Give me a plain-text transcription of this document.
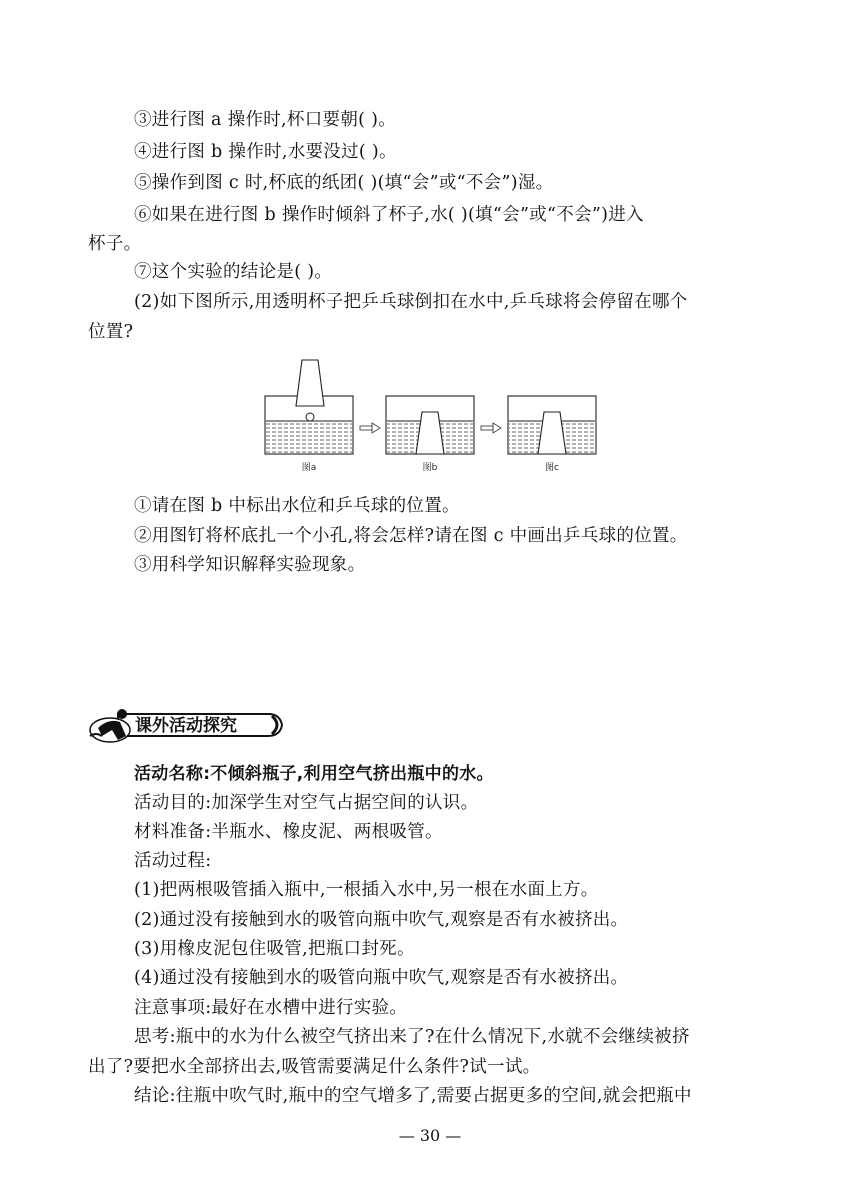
③进行图 a 操作时,杯口要朝( )。
④进行图 b 操作时,水要没过( )。
⑤操作到图 c 时,杯底的纸团( )(填“会”或“不会”)湿。
⑥如果在进行图 b 操作时倾斜了杯子,水( )(填“会”或“不会”)进入
杯子。
⑦这个实验的结论是( )。
(2)如下图所示,用透明杯子把乒乓球倒扣在水中,乒乓球将会停留在哪个
位置?
图a	图b	图c
①请在图 b 中标出水位和乒乓球的位置。
②用图钉将杯底扎一个小孔,将会怎样?请在图 c 中画出乒乓球的位置。
③用科学知识解释实验现象。
课外活动探究
活动名称:不倾斜瓶子,利用空气挤出瓶中的水。
活动目的:加深学生对空气占据空间的认识。
材料准备:半瓶水、橡皮泥、两根吸管。
活动过程:
(1)把两根吸管插入瓶中,一根插入水中,另一根在水面上方。
(2)通过没有接触到水的吸管向瓶中吹气,观察是否有水被挤出。
(3)用橡皮泥包住吸管,把瓶口封死。
(4)通过没有接触到水的吸管向瓶中吹气,观察是否有水被挤出。
注意事项:最好在水槽中进行实验。
思考:瓶中的水为什么被空气挤出来了?在什么情况下,水就不会继续被挤
出了?要把水全部挤出去,吸管需要满足什么条件?试一试。
结论:往瓶中吹气时,瓶中的空气增多了,需要占据更多的空间,就会把瓶中
— 30 —
